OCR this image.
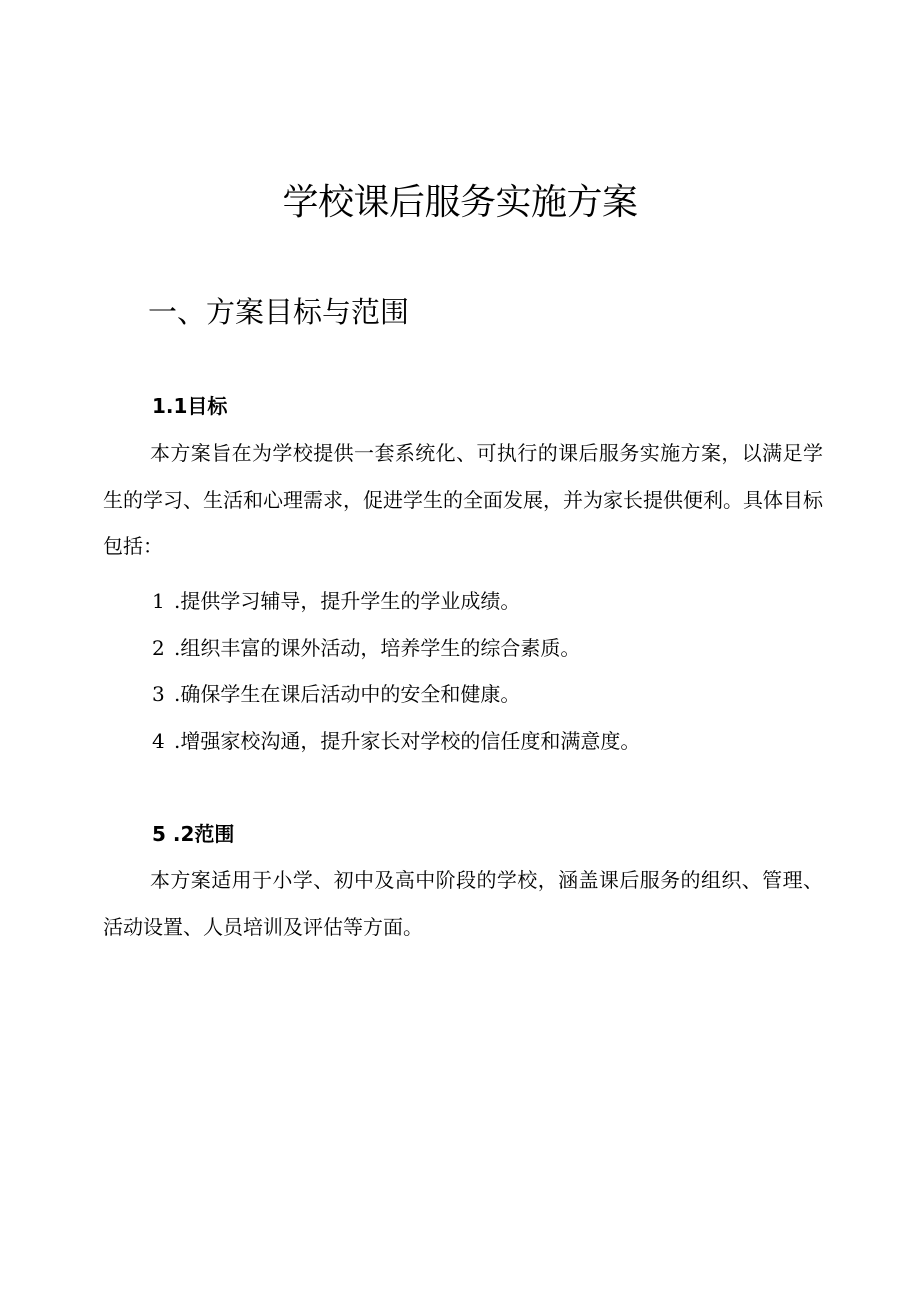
学校课后服务实施方案
一、方案目标与范围
1.1目标

本方案旨在为学校提供一套系统化、可执行的课后服务实施方案，以满足学生的学习、生活和心理需求，促进学生的全面发展，并为家长提供便利。具体目标包括：

1 .提供学习辅导，提升学生的学业成绩。
2 .组织丰富的课外活动，培养学生的综合素质。
3 .确保学生在课后活动中的安全和健康。
4 .增强家校沟通，提升家长对学校的信任度和满意度。
5 .2范围

本方案适用于小学、初中及高中阶段的学校，涵盖课后服务的组织、管理、活动设置、人员培训及评估等方面。
